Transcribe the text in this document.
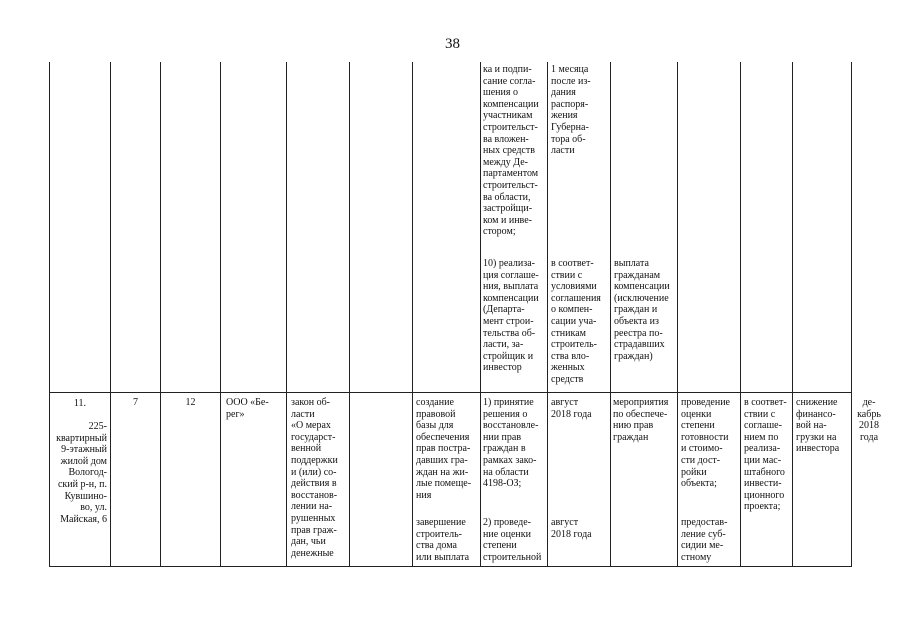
38
ка и подпи-
сание согла-
шения о
компенсации
участникам
строительст-
ва вложен-
ных средств
между Де-
партаментом
строительст-
ва области,
застройщи-
ком и инве-
стором;
1 месяца
после из-
дания
распоря-
жения
Губерна-
тора об-
ласти
10) реализа-
ция соглаше-
ния, выплата
компенсации
(Департа-
мент строи-
тельства об-
ласти, за-
стройщик и
инвестор
в соответ-
ствии с
условиями
соглашения
о компен-
сации уча-
стникам
строитель-
ства вло-
женных
средств
выплата
гражданам
компенсации
(исключение
граждан и
объекта из
реестра по-
страдавших
граждан)
11.
225-
квартирный
9-этажный
жилой дом
Вологод-
ский р-н, п.
Кувшино-
во, ул.
Майская, 6
7	12	ООО «Бе-
рег»
закон об-
ласти
«О мерах
государст-
венной
поддержки
и (или) со-
действия в
восстанов-
лении на-
рушенных
прав граж-
дан, чьи
денежные
создание
правовой
базы для
обеспечения
прав постра-
давших гра-
ждан на жи-
лые помеще-
ния
завершение
строитель-
ства дома
или выплата
1) принятие
решения о
восстановле-
нии прав
граждан в
рамках зако-
на области
4198-ОЗ;
2) проведе-
ние оценки
степени
строительной
август
2018 года
август
2018 года
мероприятия
по обеспече-
нию прав
граждан
проведение
оценки
степени
готовности
и стоимо-
сти дост-
ройки
объекта;
предостав-
ление суб-
сидии ме-
стному
в соответ-
ствии с
соглаше-
нием по
реализа-
ции мас-
штабного
инвести-
ционного
проекта;
снижение
финансо-
вой на-
грузки на
инвестора
де-
кабрь
2018
года
